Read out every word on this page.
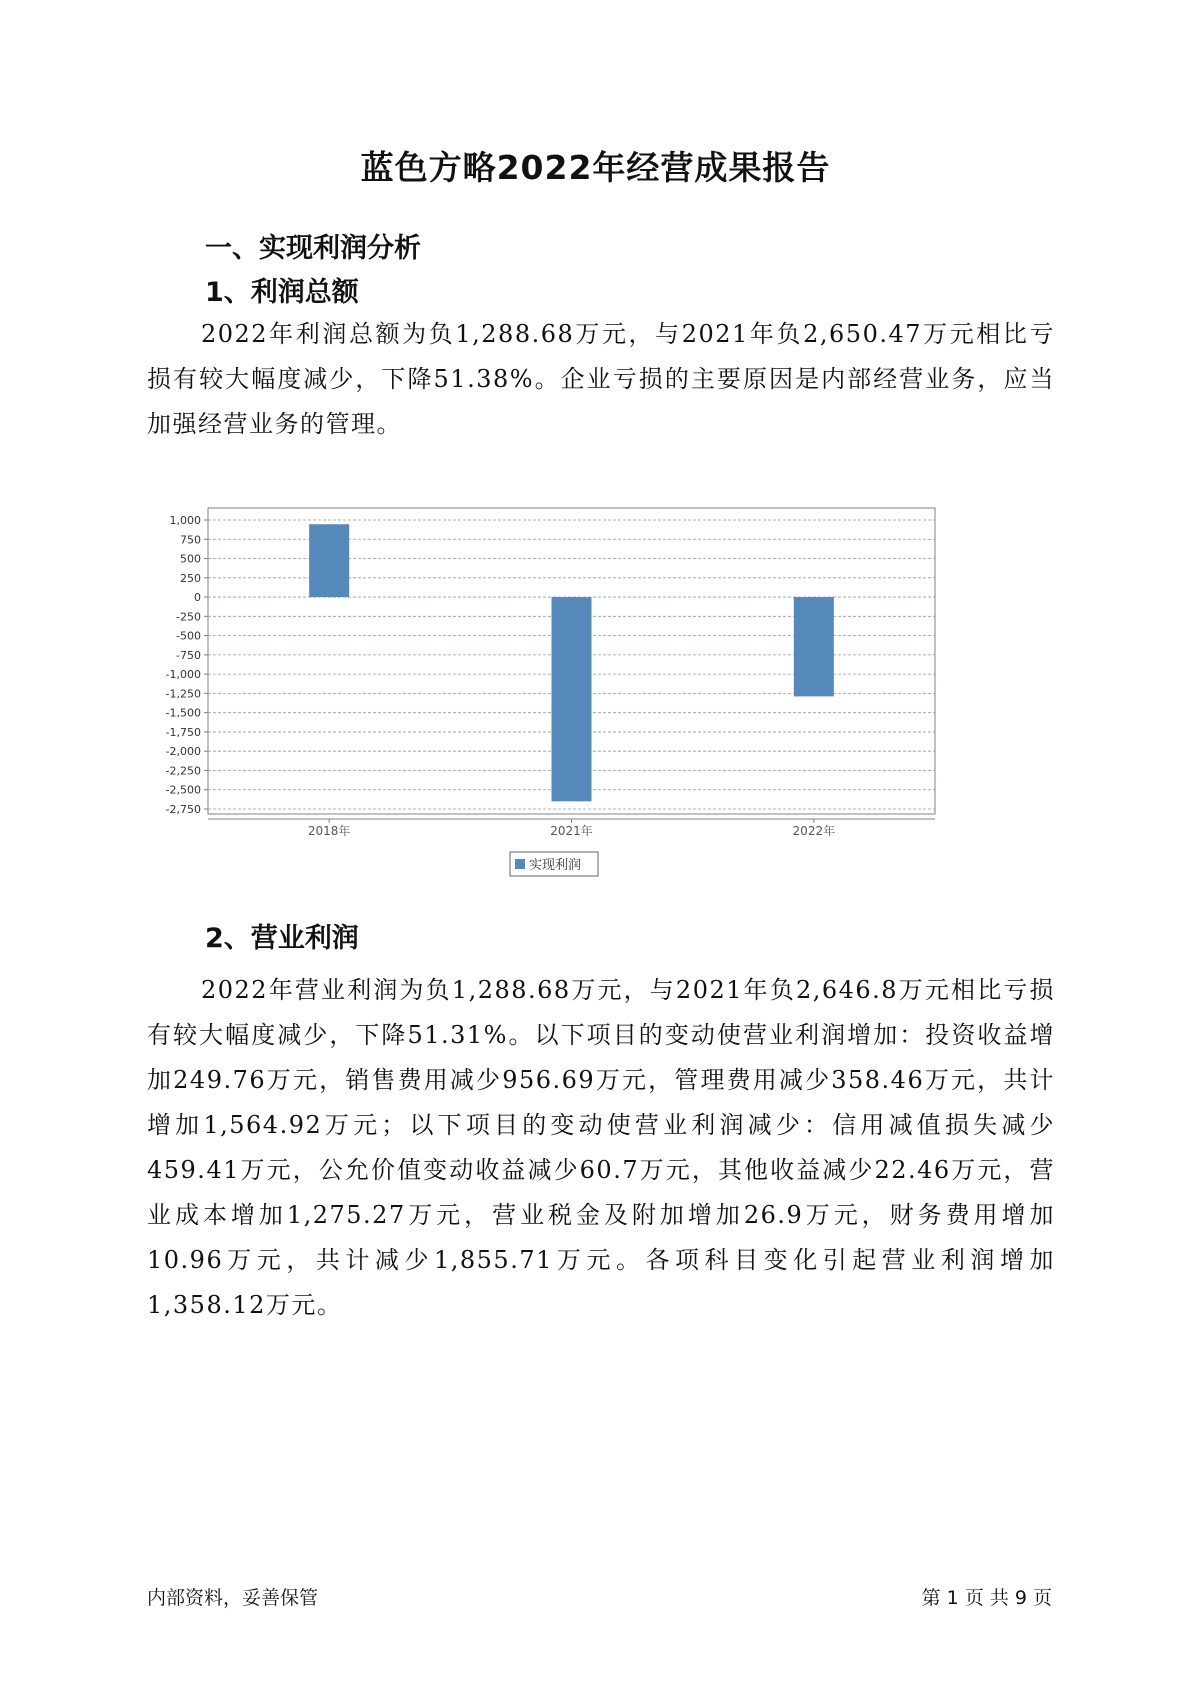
蓝色方略2022年经营成果报告
一、实现利润分析
1、利润总额

2022年利润总额为负1,288.68万元，与2021年负2,650.47万元相比亏损有较大幅度减少，下降51.38%。企业亏损的主要原因是内部经营业务，应当加强经营业务的管理。

1,000
750
500
250
0
-250
-500
-750
-1,000
-1,250
-1,500
-1,750
-2,000
-2,250
-2,500
-2,750
2018年	2021年	2022年
实现利润
2、营业利润

2022年营业利润为负1,288.68万元，与2021年负2,646.8万元相比亏损有较大幅度减少，下降51.31%。以下项目的变动使营业利润增加：投资收益增加249.76万元，销售费用减少956.69万元，管理费用减少358.46万元，共计增加1,564.92万元；以下项目的变动使营业利润减少：信用减值损失减少459.41万元，公允价值变动收益减少60.7万元，其他收益减少22.46万元，营业成本增加1,275.27万元，营业税金及附加增加26.9万元，财务费用增加10.96万元，共计减少1,855.71万元。各项科目变化引起营业利润增加1,358.12万元。

内部资料，妥善保管	第 1 页 共 9 页
